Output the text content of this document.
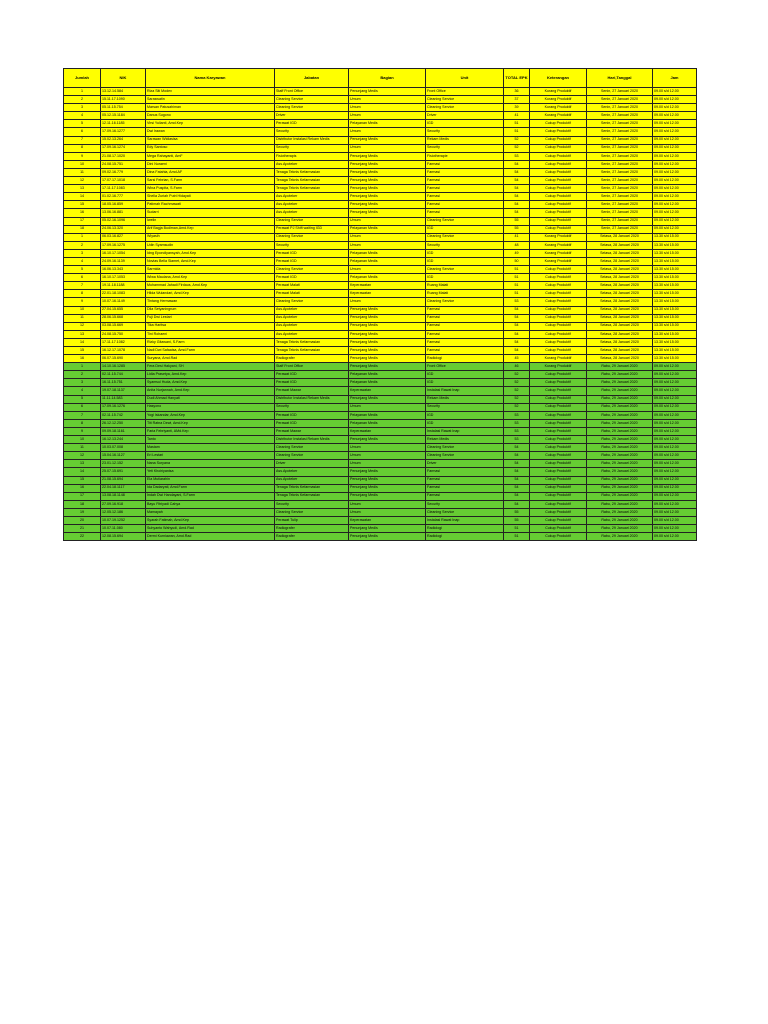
Jumlah	NIK	Nama Karyawan	Jabatan	Bagian	Unit	TOTAL EPK	Keterangan	Hari,Tanggal	Jam
1	13.12.14.584	Riza Siti Modev	Staff Front Office	Penunjang Medis	Front Office	36	Kurang Produktif	Senin, 27 Januari 2020	09.00 s/d 12.00
2	15.11.17.1090	Saraswatin	Cleaning Service	Umum	Cleaning Service	37	Kurang Produktif	Senin, 27 Januari 2020	09.00 s/d 12.00
3	05.11.15.754	Marsan Patusahiman	Cleaning Service	Umum	Cleaning Service	39	Kurang Produktif	Senin, 27 Januari 2020	09.00 s/d 12.00
4	05.12.15.1184	Danus Sugono	Driver	Umum	Driver	41	Kurang Produktif	Senin, 27 Januari 2020	09.00 s/d 12.00
5	12.11.16.1185	Virsi Yulianti, Amd.Kep	Perawat IGD	Pelayanan Medis	IGD	51	Cukup Produktif	Senin, 27 Januari 2020	09.00 s/d 12.00
6	17.09.16.1277	Dwi Irawan	Security	Umum	Security	51	Cukup Produktif	Senin, 27 Januari 2020	09.00 s/d 12.00
7	15.02.13.264	Sarawan Widiasisa	Distributor Instalasi Rekam Medis	Penunjang Medis	Rekam Medis	52	Cukup Produktif	Senin, 27 Januari 2020	09.00 s/d 12.00
8	17.09.16.1274	Edy Santoso	Security	Umum	Security	52	Cukup Produktif	Senin, 27 Januari 2020	09.00 s/d 12.00
9	21.08.17.1020	Mega Rahayanti, AmF	Fisiotherapis	Penunjang Medis	Fisiotherapie	53	Cukup Produktif	Senin, 27 Januari 2020	09.00 s/d 12.00
10	24.08.15.751	Dini Nuraeni	Ass.Apoteker	Penunjang Medis	Farmasi	54	Cukup Produktif	Senin, 27 Januari 2020	09.00 s/d 12.00
11	09.02.16.779	Dina Fatahia, Amd.AF	Tenaga Teknis Kefarmasian	Penunjang Medis	Farmasi	54	Cukup Produktif	Senin, 27 Januari 2020	09.00 s/d 12.00
12	17.07.17.1018	Sarsi Febrian, S.Farm	Tenaga Teknis Kefarmasian	Penunjang Medis	Farmasi	54	Cukup Produktif	Senin, 27 Januari 2020	09.00 s/d 12.00
13	17.11.17.1083	Wina Puspita, S.Farm	Tenaga Teknis Kefarmasian	Penunjang Medis	Farmasi	54	Cukup Produktif	Senin, 27 Januari 2020	09.00 s/d 12.00
14	01.02.16.777	Shella Zuriah Putri Hidayati	Ass.Apoteker	Penunjang Medis	Farmasi	54	Cukup Produktif	Senin, 27 Januari 2020	09.00 s/d 12.00
15	18.05.16.859	Patimah Rachmawati	Ass.Apoteker	Penunjang Medis	Farmasi	54	Cukup Produktif	Senin, 27 Januari 2020	09.00 s/d 12.00
16	13.06.16.881	Sudarri	Ass.Apoteker	Penunjang Medis	Farmasi	54	Cukup Produktif	Senin, 27 Januari 2020	09.00 s/d 12.00
17	05.02.16.1096	Iwelin	Cleaning Service	Umum	Cleaning Service	55	Cukup Produktif	Senin, 27 Januari 2020	09.00 s/d 12.00
18	24.06.13.320	Arif Bagja Budiman,Amd.Kep	Perawat PJ Shift waiting IGD	Pelayanan Medis	IGD	55	Cukup Produktif	Senin, 27 Januari 2020	09.00 s/d 12.00
1	06.03.16.827	Wiyasih	Cleaning Service	Umum	Cleaning Service	41	Kurang Produktif	Selasa, 28 Januari 2020	13.30 s/d 15.00
2	17.09.16.1275	Udin Syamsudin	Security	Umum	Security	48	Kurang Produktif	Selasa, 28 Januari 2020	13.30 s/d 15.00
3	16.10.17.1054	Idng Epondiyansyah, Amd.Kep	Perawat IGD	Pelayanan Medis	IGD	49	Kurang Produktif	Selasa, 28 Januari 2020	13.30 s/d 15.00
4	24.09.16.1139	Novias Bella Slamet, Amd.Kep	Perawat IGD	Pelayanan Medis	IGD	50	Kurang Produktif	Selasa, 28 Januari 2020	13.30 s/d 15.00
5	16.06.13.343	Sarmida	Cleaning Service	Umum	Cleaning Service	51	Cukup Produktif	Selasa, 28 Januari 2020	13.30 s/d 15.00
6	16.10.17.1053	Wiwa Maulana, Amd.Kep	Perawat IGD	Pelayanan Medis	IGD	51	Cukup Produktif	Selasa, 28 Januari 2020	13.30 s/d 15.00
7	19.11.18.1188	Muhammad Jahadi Firdaus, Amd.Kep	Perawat Malati	Keperawatan	Ruang Malati	51	Cukup Produktif	Selasa, 28 Januari 2020	13.30 s/d 15.00
8	22.01.18.1083	Hilda Wulandari, Amd.Kep	Perawat Malati	Keperawatan	Ruang Malati	51	Cukup Produktif	Selasa, 28 Januari 2020	13.30 s/d 15.00
9	10.07.16.1149	Tintang Hermawan	Cleaning Service	Umum	Cleaning Service	53	Cukup Produktif	Selasa, 28 Januari 2020	13.30 s/d 15.00
10	27.04.15.655	Dila Setyaningrum	Ass.Apoteker	Penunjang Medis	Farmasi	54	Cukup Produktif	Selasa, 28 Januari 2020	13.30 s/d 15.00
11	28.06.15.668	Fuji Dwi Lestari	Ass.Apoteker	Penunjang Medis	Farmasi	54	Cukup Produktif	Selasa, 28 Januari 2020	13.30 s/d 15.00
12	03.08.15.669	Tika Haritsa	Ass.Apoteker	Penunjang Medis	Farmasi	54	Cukup Produktif	Selasa, 28 Januari 2020	13.30 s/d 15.00
13	24.08.15.750	Tini Rohaeni	Ass.Apoteker	Penunjang Medis	Farmasi	54	Cukup Produktif	Selasa, 28 Januari 2020	13.30 s/d 15.00
14	17.11.17.1082	Rizky Gitawani, S.Farm	Tenaga Teknis Kefarmasian	Penunjang Medis	Farmasi	54	Cukup Produktif	Selasa, 28 Januari 2020	13.30 s/d 15.00
15	16.12.17.1078	Nadi Dwi Safaaisa, Amd.Farm	Tenaga Teknis Kefarmasian	Penunjang Medis	Farmasi	54	Cukup Produktif	Selasa, 28 Januari 2020	13.30 s/d 15.00
16	06.07.15.690	Suryana, Amd.Rad	Radiografer	Penunjang Medis	Radiologi	45	Kurang Produktif	Selasa, 28 Januari 2020	13.30 s/d 15.00
1	14.10.16.1285	Fera Desi Hakyani, SH	Staff Front Office	Penunjang Medis	Front Office	46	Kurang Produktif	Rabu, 29 Januari 2020	09.00 s/d 12.00
2	02.11.15.744	Lidia Prasetya, Amd.Kep	Perawat IGD	Pelayanan Medis	IGD	52	Cukup Produktif	Rabu, 29 Januari 2020	09.00 s/d 12.00
3	16.11.15.751	Syamsul Huda, Amd.Kep	Perawat IGD	Pelayanan Medis	IGD	52	Cukup Produktif	Rabu, 29 Januari 2020	09.00 s/d 12.00
4	19.07.18.1137	Anita Nurjannah, Amd.Kep	Perawat Mawar	Keperawatan	Instalasi Rawat Inap	52	Cukup Produktif	Rabu, 29 Januari 2020	09.00 s/d 12.00
5	11.11.14.583	Dudi Ahmad Hanyati	Distributor Instalasi Rekam Medis	Penunjang Medis	Rekam Medis	52	Cukup Produktif	Rabu, 29 Januari 2020	09.00 s/d 12.00
6	17.09.16.1276	Hasyono	Security	Umum	Security	52	Cukup Produktif	Rabu, 29 Januari 2020	09.00 s/d 12.00
7	02.11.15.742	Yogi Iskandar, Amd.Kep	Perawat IGD	Pelayanan Medis	IGD	53	Cukup Produktif	Rabu, 29 Januari 2020	09.00 s/d 12.00
8	26.12.12.250	Titi Ratna Dewi, Amd.Kep	Perawat IGD	Pelayanan Medis	IGD	53	Cukup Produktif	Rabu, 29 Januari 2020	09.00 s/d 12.00
9	09.09.18.1161	Faria Febriyanti, AMd.Kep	Perawat Mawar	Keperawatan	Instalasi Rawat Inap	53	Cukup Produktif	Rabu, 29 Januari 2020	09.00 s/d 12.00
10	16.12.13.244	Tanto	Distributor Instalasi Rekam Medis	Penunjang Medis	Rekam Medis	53	Cukup Produktif	Rabu, 29 Januari 2020	09.00 s/d 12.00
11	10.03.07.008	Mastam	Cleaning Service	Umum	Cleaning Service	54	Cukup Produktif	Rabu, 29 Januari 2020	09.00 s/d 12.00
12	15.04.16.1127	Eri Lestari	Cleaning Service	Umum	Cleaning Service	54	Cukup Produktif	Rabu, 29 Januari 2020	09.00 s/d 12.00
13	23.01.12.152	Nana Suryana	Driver	Umum	Driver	54	Cukup Produktif	Rabu, 29 Januari 2020	09.00 s/d 12.00
14	25.07.15.691	Yeti Khoiriyanisa	Ass.Apoteker	Penunjang Medis	Farmasi	54	Cukup Produktif	Rabu, 29 Januari 2020	09.00 s/d 12.00
15	21.08.15.694	Ela Mutiarahin	Ass.Apoteker	Penunjang Medis	Farmasi	54	Cukup Produktif	Rabu, 29 Januari 2020	09.00 s/d 12.00
16	22.04.18.1117	Ida Dadaryati, Amd.Farm	Tenaga Teknis Kefarmasian	Penunjang Medis	Farmasi	54	Cukup Produktif	Rabu, 29 Januari 2020	09.00 s/d 12.00
17	13.08.18.1148	Indah Dwi Handayani, S.Farm	Tenaga Teknis Kefarmasian	Penunjang Medis	Farmasi	54	Cukup Produktif	Rabu, 29 Januari 2020	09.00 s/d 12.00
18	27.09.16.918	Bayu Fitriyadi Cahya	Security	Umum	Security	54	Cukup Produktif	Rabu, 29 Januari 2020	09.00 s/d 12.00
19	12.05.12.186	Mamayah	Cleaning Service	Umum	Cleaning Service	55	Cukup Produktif	Rabu, 29 Januari 2020	09.00 s/d 12.00
20	10.07.19.1252	Syarah Fatimah, Amd.Kep	Perawat Tulip	Keperawatan	Instalasi Rawat Inap	55	Cukup Produktif	Rabu, 29 Januari 2020	09.00 s/d 12.00
21	10.07.11.080	Suhyanto Wahyudi, Amd.Rad	Radiografer	Penunjang Medis	Radiologi	51	Cukup Produktif	Rabu, 29 Januari 2020	09.00 s/d 12.00
22	12.08.15.694	Dermi Kurniawan, Amd.Rad	Radiografer	Penunjang Medis	Radiologi	51	Cukup Produktif	Rabu, 29 Januari 2020	09.00 s/d 12.00
